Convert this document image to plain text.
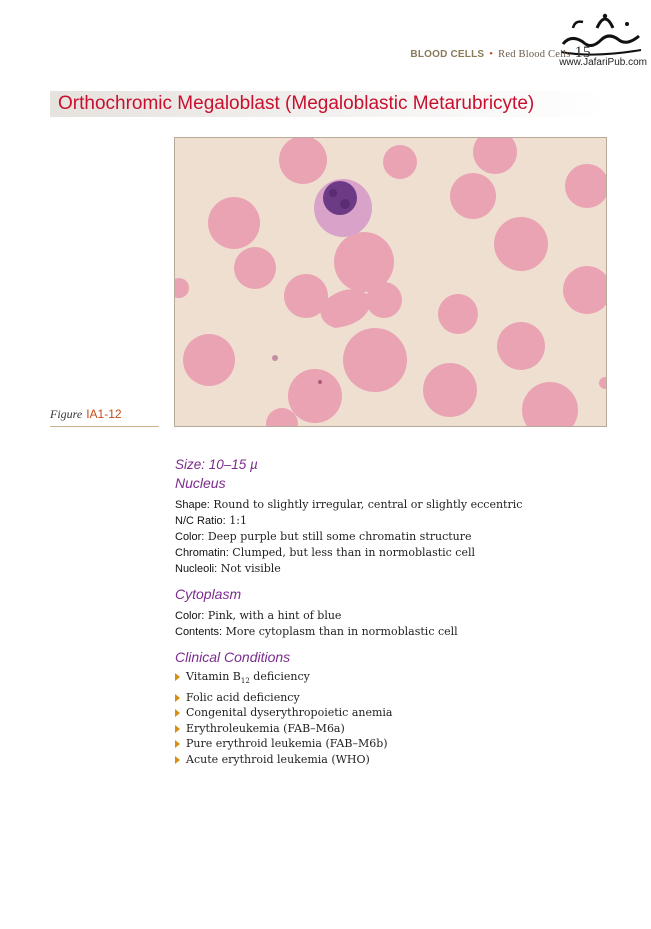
www.JafariPub.com
BLOOD CELLS • Red Blood Cells 15
Orthochromic Megaloblast (Megaloblastic Metarubricyte)
Figure IA1-12

Size: 10–15 µ

Nucleus

Shape: Round to slightly irregular, central or slightly eccentric

N/C Ratio: 1:1

Color: Deep purple but still some chromatin structure

Chromatin: Clumped, but less than in normoblastic cell

Nucleoli: Not visible

Cytoplasm

Color: Pink, with a hint of blue

Contents: More cytoplasm than in normoblastic cell

Clinical Conditions

Vitamin $B_{12}$ deficiency
Folic acid deficiency
Congenital dyserythropoietic anemia
Erythroleukemia (FAB–M6a)
Pure erythroid leukemia (FAB–M6b)
Acute erythroid leukemia (WHO)
